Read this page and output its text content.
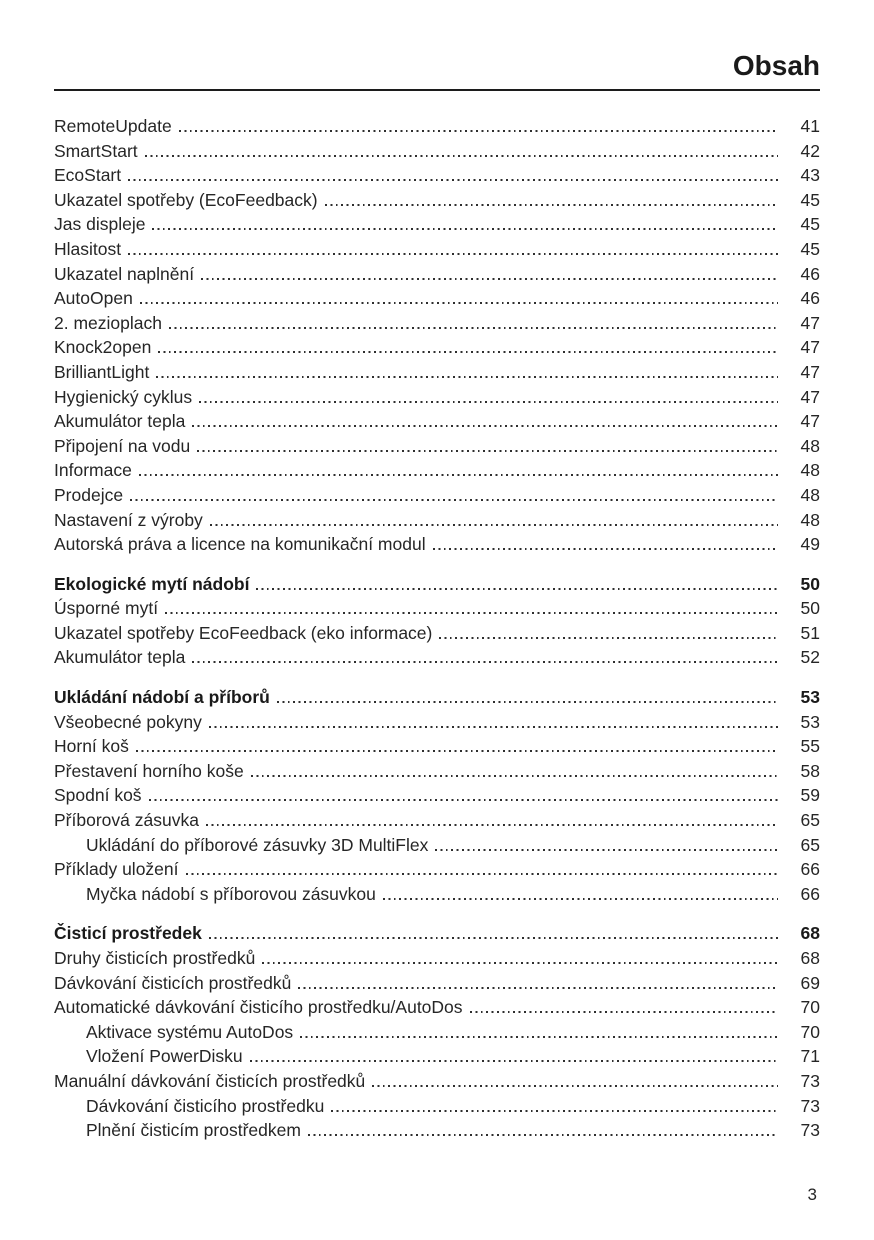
Obsah
RemoteUpdate	41
SmartStart	42
EcoStart	43
Ukazatel spotřeby (EcoFeedback)	45
Jas displeje	45
Hlasitost	45
Ukazatel naplnění	46
AutoOpen	46
2. mezioplach	47
Knock2open	47
BrilliantLight	47
Hygienický cyklus	47
Akumulátor tepla	47
Připojení na vodu	48
Informace	48
Prodejce	48
Nastavení z výroby	48
Autorská práva a licence na komunikační modul	49
Ekologické mytí nádobí	50
Úsporné mytí	50
Ukazatel spotřeby EcoFeedback (eko informace)	51
Akumulátor tepla	52
Ukládání nádobí a příborů	53
Všeobecné pokyny	53
Horní koš	55
Přestavení horního koše	58
Spodní koš	59
Příborová zásuvka	65
Ukládání do příborové zásuvky 3D MultiFlex	65
Příklady uložení	66
Myčka nádobí s příborovou zásuvkou	66
Čisticí prostředek	68
Druhy čisticích prostředků	68
Dávkování čisticích prostředků	69
Automatické dávkování čisticího prostředku/AutoDos	70
Aktivace systému AutoDos	70
Vložení PowerDisku	71
Manuální dávkování čisticích prostředků	73
Dávkování čisticího prostředku	73
Plnění čisticím prostředkem	73
3
